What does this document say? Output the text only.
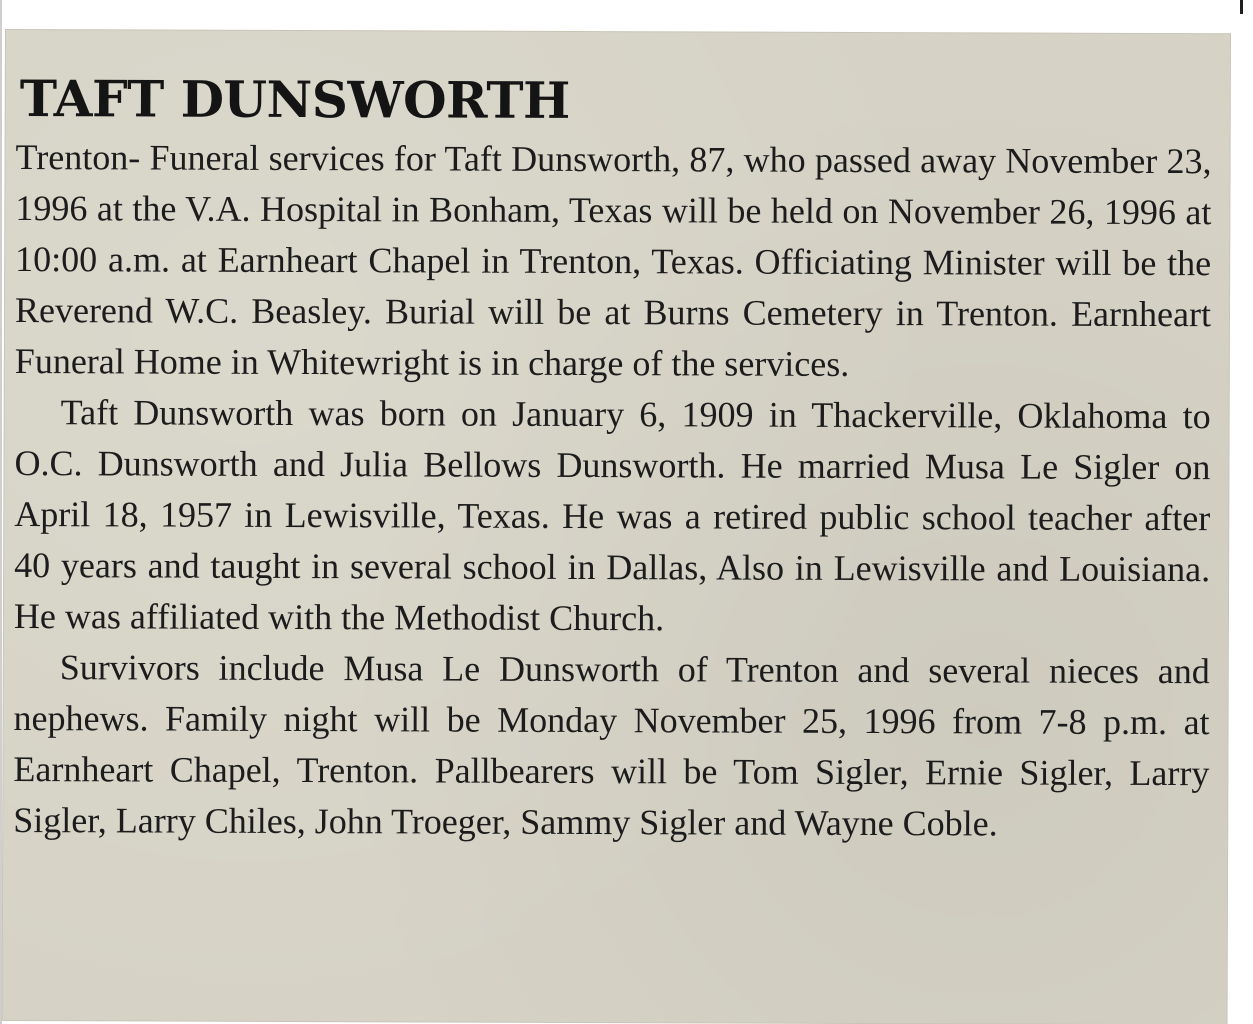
TAFT DUNSWORTH

Trenton- Funeral services for Taft Dunsworth, 87, who passed away November 23, 1996 at the V.A. Hospital in Bonham, Texas will be held on November 26, 1996 at 10:00 a.m. at Earnheart Chapel in Trenton, Texas. Officiating Minister will be the Reverend W.C. Beasley. Burial will be at Burns Cemetery in Trenton. Earnheart Funeral Home in Whitewright is in charge of the services.

Taft Dunsworth was born on January 6, 1909 in Thackerville, Oklahoma to O.C. Dunsworth and Julia Bellows Dunsworth. He married Musa Le Sigler on April 18, 1957 in Lewisville, Texas. He was a retired public school teacher after 40 years and taught in several school in Dallas, Also in Lewisville and Louisiana. He was affiliated with the Methodist Church.

Survivors include Musa Le Dunsworth of Trenton and several nieces and nephews. Family night will be Monday November 25, 1996 from 7-8 p.m. at Earnheart Chapel, Trenton. Pallbearers will be Tom Sigler, Ernie Sigler, Larry Sigler, Larry Chiles, John Troeger, Sammy Sigler and Wayne Coble.
